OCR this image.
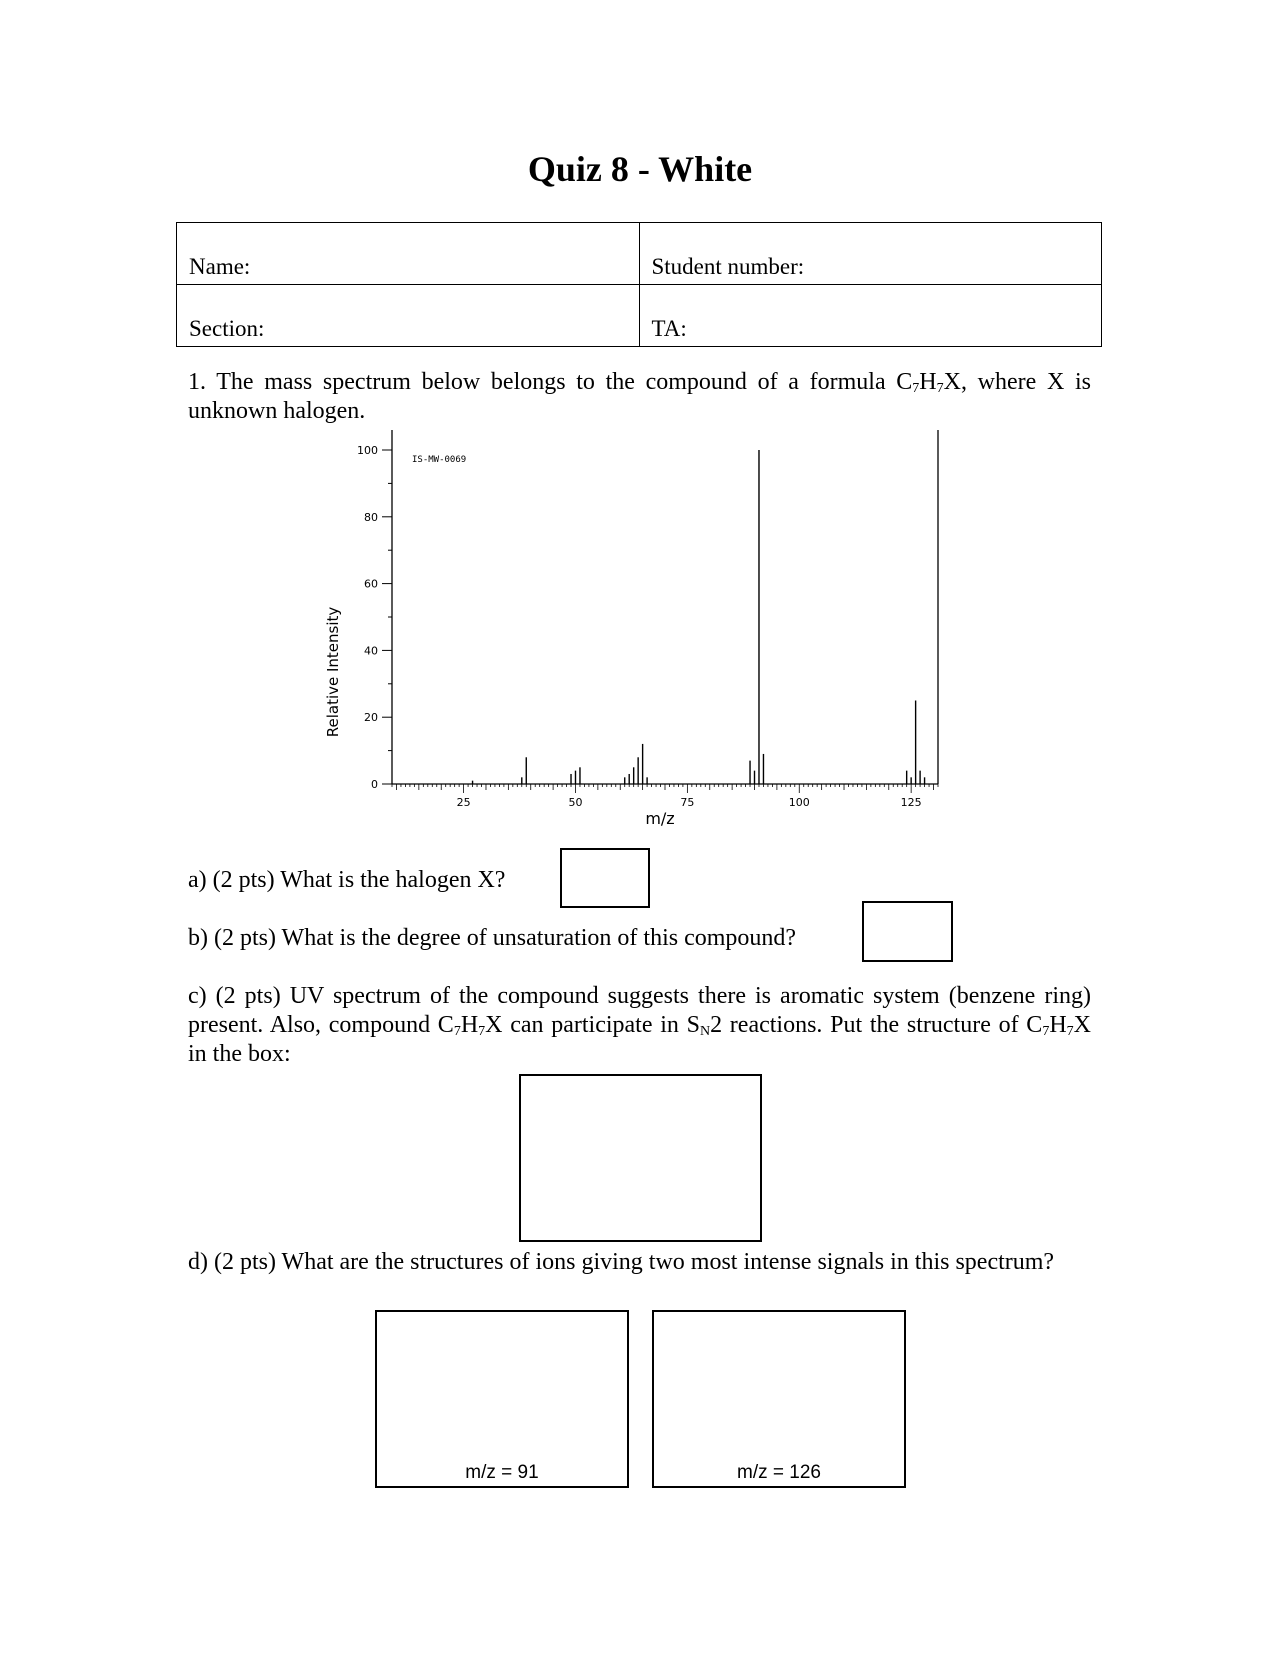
Quiz 8 - White
Name:	Student number:
Section:	TA:
1. The mass spectrum below belongs to the compound of a formula $C_7H_7X$, where X is unknown halogen.
0
20
40
60
80
100
25	50	75	100	125
IS-MW-0069
Relative Intensity
m/z
a) (2 pts) What is the halogen X?
b) (2 pts) What is the degree of unsaturation of this compound?
c) (2 pts) UV spectrum of the compound suggests there is aromatic system (benzene ring) present. Also, compound $C_7H_7X$ can participate in $S_N2$ reactions. Put the structure of $C_7H_7X$ in the box:
d) (2 pts) What are the structures of ions giving two most intense signals in this spectrum?
m/z = 91	m/z = 126
